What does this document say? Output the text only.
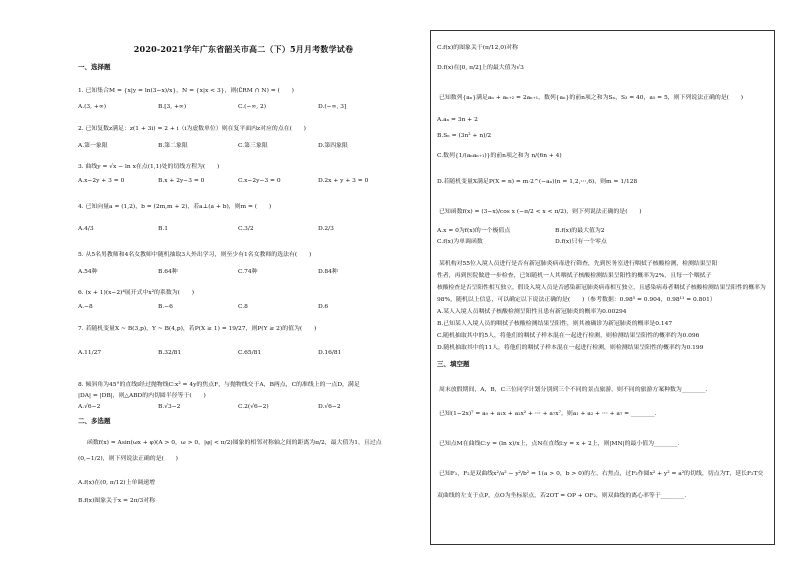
2020-2021学年广东省韶关市高二（下）5月月考数学试卷
一、选择题
1. 已知集合M = {x|y = ln(3−x)/x}，N = {x|x < 3}，则(∁RM ∩ N) = (　　)
A.(3, +∞)	B.[3, +∞)	C.(−∞, 2)	D.(−∞, 3]
2. 已知复数z满足：z(1 + 3i) = 2 + i（i为虚数单位）则在复平面内z对应的点在(　　)
A.第一象限	B.第二象限	C.第三象限	D.第四象限
3. 曲线y = √x − ln x在点(1,1)处的切线方程为(　　)
A.x−2y + 3 = 0	B.x + 2y−3 = 0	C.x−2y−3 = 0	D.2x + y + 3 = 0
4. 已知向量a = (1,2)，b = (2m,m + 2)，若a⊥(a + b)，则m = (　　)
A.4/3	B.1	C.3/2	D.2/3
5. 从5名男教师和4名女教师中随机抽取3人外出学习，则至少有1名女教师的选法有(　　)
A.54种	B.64种	C.74种	D.84种
6. (x + 1)(x−2)⁴展开式中x²的系数为(　　)
A.−8	B.−6	C.8	D.6
7. 若随机变量X ~ B(3,p)，Y ~ B(4,p)，若P(X ≥ 1) = 19/27，则P(Y ≥ 2)的值为(　　)
A.11/27	B.32/81	C.65/81	D.16/81
8. 倾斜角为45°的直线l经过抛物线C:x² = 4y的焦点F，与抛物线交于A，B两点，C的准线上的一点D，满足
|DA| = |DB|，则△ABD的内切圆半径等于(　　)
A.√6−2	B.√3−2	C.2(√6−2)	D.√6−2
二、多选题
函数f(x) = Asin(ωx + φ)(A > 0，ω > 0，|φ| < π/2)图象的相邻对称轴之间的距离为π/2，最大值为1，且过点
(0,−1/2)，则下列说法正确的是(　　)
A.f(x)在(0, π/12)上单调递增
B.f(x)图象关于x = 2π/3对称
C.f(x)的图象关于(π/12,0)对称
D.f(x)在[0, π/2]上的最大值为√3
已知数列{aₙ}满足aₙ + aₙ₊₂ = 2aₙ₊₁，数列{aₙ}的前n项之和为Sₙ，S₃ = 40，a₅ = 5，则下列说法正确的是(　　)
A.aₙ = 3n + 2
B.Sₙ = (3n² + n)/2
C.数列{1/(aₙaₙ₊₁)}的前n项之和为 n/(6n + 4)
D.若随机变量X满足P(X = n) = m·2^(−aₙ)(n = 1,2,⋯,6)，则m = 1/128
已知函数f(x) = (3−x)/cos x (−π/2 < x < π/2)，则下列说法正确的是(　　)
A.x = 0为f(x)的一个极值点	B.f(x)的最大值为2
C.f(x)为单调函数	D.f(x)只有一个零点
某机构对55位入境人员进行是否有新冠肺炎病毒进行筛查，先到医务室进行咽拭子核酸检测，检测结果呈阳
性者，再到医院做进一步检查，已知随机一人其咽拭子核酸检测结果呈阳性的概率为2%，且每一个咽拭子
核酸检查是否呈阳性相互独立，假设入境人员是否感染新冠肺炎病毒相互独立，且感染病毒者咽拭子核酸检测结果呈阳性的概率为
98%，随机以上信息，可以确定以下说法正确的是(　　)（参考数据：0.98⁵ = 0.904，0.98¹¹ = 0.801）
A.某人入境人员咽拭子核酸检测呈阳性且患有新冠肺炎的概率为0.00294
B.已知某人入境人员的咽拭子核酸检测结果呈阳性，则其被确诊为新冠肺炎的概率是0.147
C.随机抽取其中的5人，将他们的咽拭子样本混在一起进行检测，则检测结果呈阳性的概率约为0.096
D.随机抽取其中的11人，将他们的咽拭子样本混在一起进行检测，则检测结果呈阳性的概率约为0.199
三、填空题
周末放假期间，A，B，C三位同学计划分别到三个不同的景点旅游，则不同的旅游方案种数为________.
已知(1−2x)⁷ = a₀ + a₁x + a₂x² + ⋯ + a₇x⁷，则a₁ + a₂ + ⋯ + a₇ = ________.
已知点M在曲线C:y = (ln x)/x上，点N在直线l:y = x + 2上，则|MN|的最小值为________.
已知F₁，F₂是双曲线x²/a² − y²/b² = 1(a > 0，b > 0)的左、右焦点，过F₂作圆x² + y² = a²的切线，切点为T，延长F₂T交
双曲线的左支于点P，点O为坐标原点，若2OT = OP + OF₂，则双曲线的离心率等于________.
